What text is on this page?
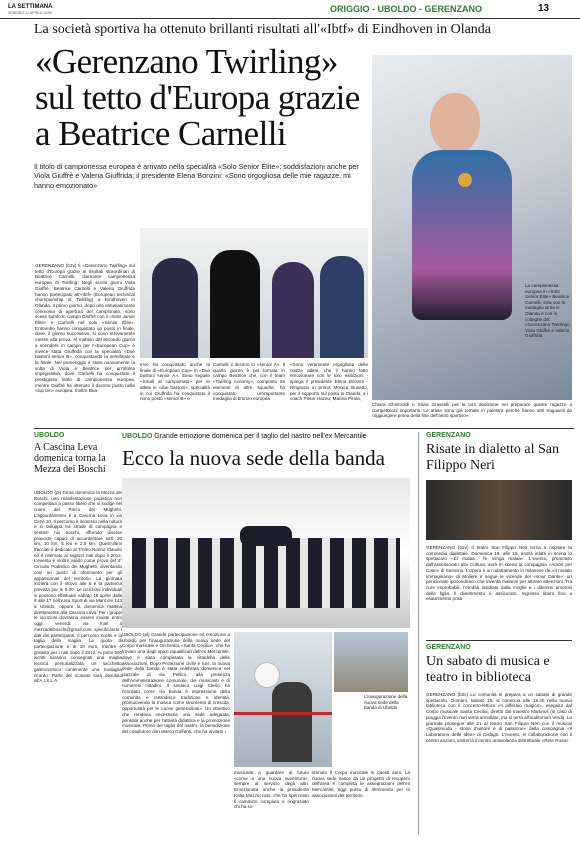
LA SETTIMANA
VENERDÌ 17 APRILE 2026	ORIGGIO - UBOLDO - GERENZANO	13
La società sportiva ha ottenuto brillanti risultati all'«Ibtf» di Eindhoven in Olanda
«Gerenzano Twirling»
sul tetto d'Europa grazie
a Beatrice Carnelli
Il titolo di campionessa europea è arrivato nella specialità «Solo Senior Élite»; soddisfazioni anche per Viola Giuffrè e Valeria Giuffrida; il presidente Elena Bonzini: «Sono orgogliosa delle mie ragazze, mi hanno emozionato»
La campionessa europea in «Solo Senior Élite» Beatrice Carnelli, sola con la medaglia vinta in Olanda e con le colleghe del «Gerenzano Twirling», Viola Giuffrè e Valeria Giuffrida
GERENZANO (b2v) Il «Gerenzano Twirling» sul tetto d'Europa grazie ai risultati straordinari di Beatrice Carnelli, diamante campionessa europea di Twirling. Negli scorsi giorni Viola Giuffrè, Beatrice Carnelli e Valeria Giuffrida hanno partecipato all'«Ibtf» (European technical championship di Twirling) a Eindhoven in Olanda. Il primo giorno, dopo una entusiasmante cerimonia di apertura del campionato, sono scese subito in campo Giuffrè con il «Solo Junior Élite» e Carnelli nel solo «Senior Élite». Entrambe hanno conquistato un posto in finale, dove, il giorno successivo, si sono nuovamente messe alla prova. Al mattino del secondo giorno a scendere in campo per l'«European Cup» è invece stata Giuffrida con la specialità «Due bastoni senior B», conquistando la semifinale e la finale. Nel pomeriggio è stato nuovamente la volta di Viola e Beatrice per un'ultima impegnativa, dove Carnelli ha conquistato il prestigioso titolo di campionessa europea, mentre Giuffrè ha ottenuto il decimo posto nella «top ten» europea. Inoltre Bea-
trice ha conquistato anche la finale di «European Cup» in «Due bastoni senior A». Sono seguite «Small al campionato» per le atlete in «due bastoni», specialità in cui Giuffrida ha conquistato il nono posto «senior B» e
Carnelli il decimo in «senior A». Il quarto giorno è poi tornata in campo Beatrice che, con il team «Twirling Aceomy», composto da elementi di altre squadre, ha conquistato un'importante medaglia di bronzo europea.
«Sono veramente orgogliosa delle nostre atlete, che il hanno fatto emozionare con le loro esibizioni - spiega il presidente Elena Bonzini - Ringrazio in primis Monica Busatto, per il supporto sul posto in Olanda, e i coach Pieter Hazeu, Marina Pirola,
Chiara Ghirimoldi e Silvia Grasselli per la loro dedizione nel preparare queste ragazze a competizioni importanti. Le atlete sono già tornate in palestra perché hanno altri traguardi da raggiungere prima della fine dell'anno sportivo».
UBOLDO
A Cascina Leva domenica torna la Mezza dei Boschi
UBOLDO (pl) Torna domenica la Mezza dei Boschi, una manifestazione podistica non competitiva a passo libero che si svolge nel cuore del Parco dei Mughetti. L'appuntamento è a Cascina Leva in via Cervi 10. Il percorso è immerso nella natura e si sviluppa tra strade di campagna e sentieri nei boschi, offrendo diverse proposte capaci di accontentare tutti: 20 km, 10 km, 5 km e 2,5 km. Quest'ultimi tracciati è dedicato al Trofeo Nonno Claudio ed è riservato ai ragazzi nati dopo il 2012. L'evento è inoltre valido come prova del 4° Circuito Podistico dei Mughetti, diventando così un punto di riferimento per gli appassionati del territorio. La giornata inizierà con il ritrovo alle 8 e la partenza prevista per le 9.30. Le iscrizioni individuali si possono effettuare sabato 18 aprile dalle 9 alle 17 nell'Area Sport di via Manzoni 143 a Uboldo, oppure la domenica mattina direttamente alla Cascina Leva. Per i gruppi le iscrizioni dovranno essere inviate entro oggi, venerdì, via mail a mezzadeiboschi@gmail.com, specificando i dati dei partecipanti. Il percorso scelto e la taglia della maglia. La quota di partecipazione è di 10 euro, mentre è gratuita per i nati dopo il 2012. Ai primi 500 iscritti saranno consegnati una maglia tecnica personalizzata, un sacchetto gastronomico contenente una medaglia ricordo. Parte del ricavato sarà devoluto all'A.I.S.L.A.
UBOLDO Grande emozione domenica per il taglio del nastro nell'ex Mercantile
Ecco la nuova sede della banda
UBOLDO (pl) Grande partecipazione ed emozione a Uboldo per l'inaugurazione della nuova sede del Corpo musicale e Orchestra «Santa Cecilia», che ha trovato una degli spazi riqualificati dell'ex Mercantile, dove è stata completata la cittadella delle associazioni. Dopo Protezione civile e Sos, la nuova sede della banda è stata celebrata domenica nel piazzale di via Pellico, alla presenza dell'Amministrazione comunale, dei musicanti e di numerosi cittadini. Il sindaco Luigi Clerici ha ricordato come «la banda è espressione della comunità e custodisce tradizione e identità, promuovendo la musica come strumento di crescita, opportunità per le nuove generazioni». Un obiettivo che rendeva necessaria una sede adeguata, pensata anche per l'attività didattica e la promozione musicale. Prima del taglio del nastro, la benedizione del coadiutore don Marco Guffanti, che ha invitato i
L'inaugurazione della nuova sede della banda di Uboldo
musicanti a guardare al futuro «come a una nuova avventura», sempre al servizio degli altri. Emozionata anche la presidente Katia Mazzuccato, che ha ripercorso il cammino compiuto e ringraziato chi ha so-
stenuto il Corpo musicale in questi anni. La nuova sede nasce da un progetto di recupero dell'area e completa le assegnazioni dell'ex Mercantile, oggi punto di riferimento per le associazioni del territorio.
GERENZANO
Risate in dialetto al San Filippo Neri
GERENZANO (b2v) Il teatro San Filippo Neri torna a ospitare la commedia dialettale. Domenica 19, alle 16, andrà infatti in scena lo spettacolo «El malaa... l'è minga malaa». L'evento, promosso dall'assessorato alla Cultura, avrà in scena la compagnia «Amori per Caso» di Saronno. L'opera è un adattamento in milanese de «Il malato immaginario» di Molière e segue le vicende del «sciur Dante»: un pensionato ipocondriaco che inventa malanni per attirare attenzioni. Tra cure improbabili, l'eredità insidiata dalla moglie e i dilemmi amorosi della figlia, il divertimento è assicurato. Ingresso libero fino a esaurimento posti.
GERENZANO
Un sabato di musica e teatro in biblioteca
GERENZANO (b2v) La comunità si prepara a un sabato di grande spettacolo. Domani, sabato 18, si comincia alle 15.30 nella nuova biblioteca con il concerto-lettura «Il pifferaio magico», eseguito dal Corpo musicale Santa Cecilia, diretto dal maestro Martinoli (in caso di pioggia l'evento non verrà annullato, ma si terrà all'auditorium Verdi). La giornata prosegue alle 21 al teatro San Filippo Neri con il musical «Quasimodo - storia d'amore e di passione» della compagnia «Il Laboratorio delle Idee» di Cislago. L'evento, in collaborazione con il centro anziani, sosterrà il centro antiviolenza distrettuale «Rete Rosa».
